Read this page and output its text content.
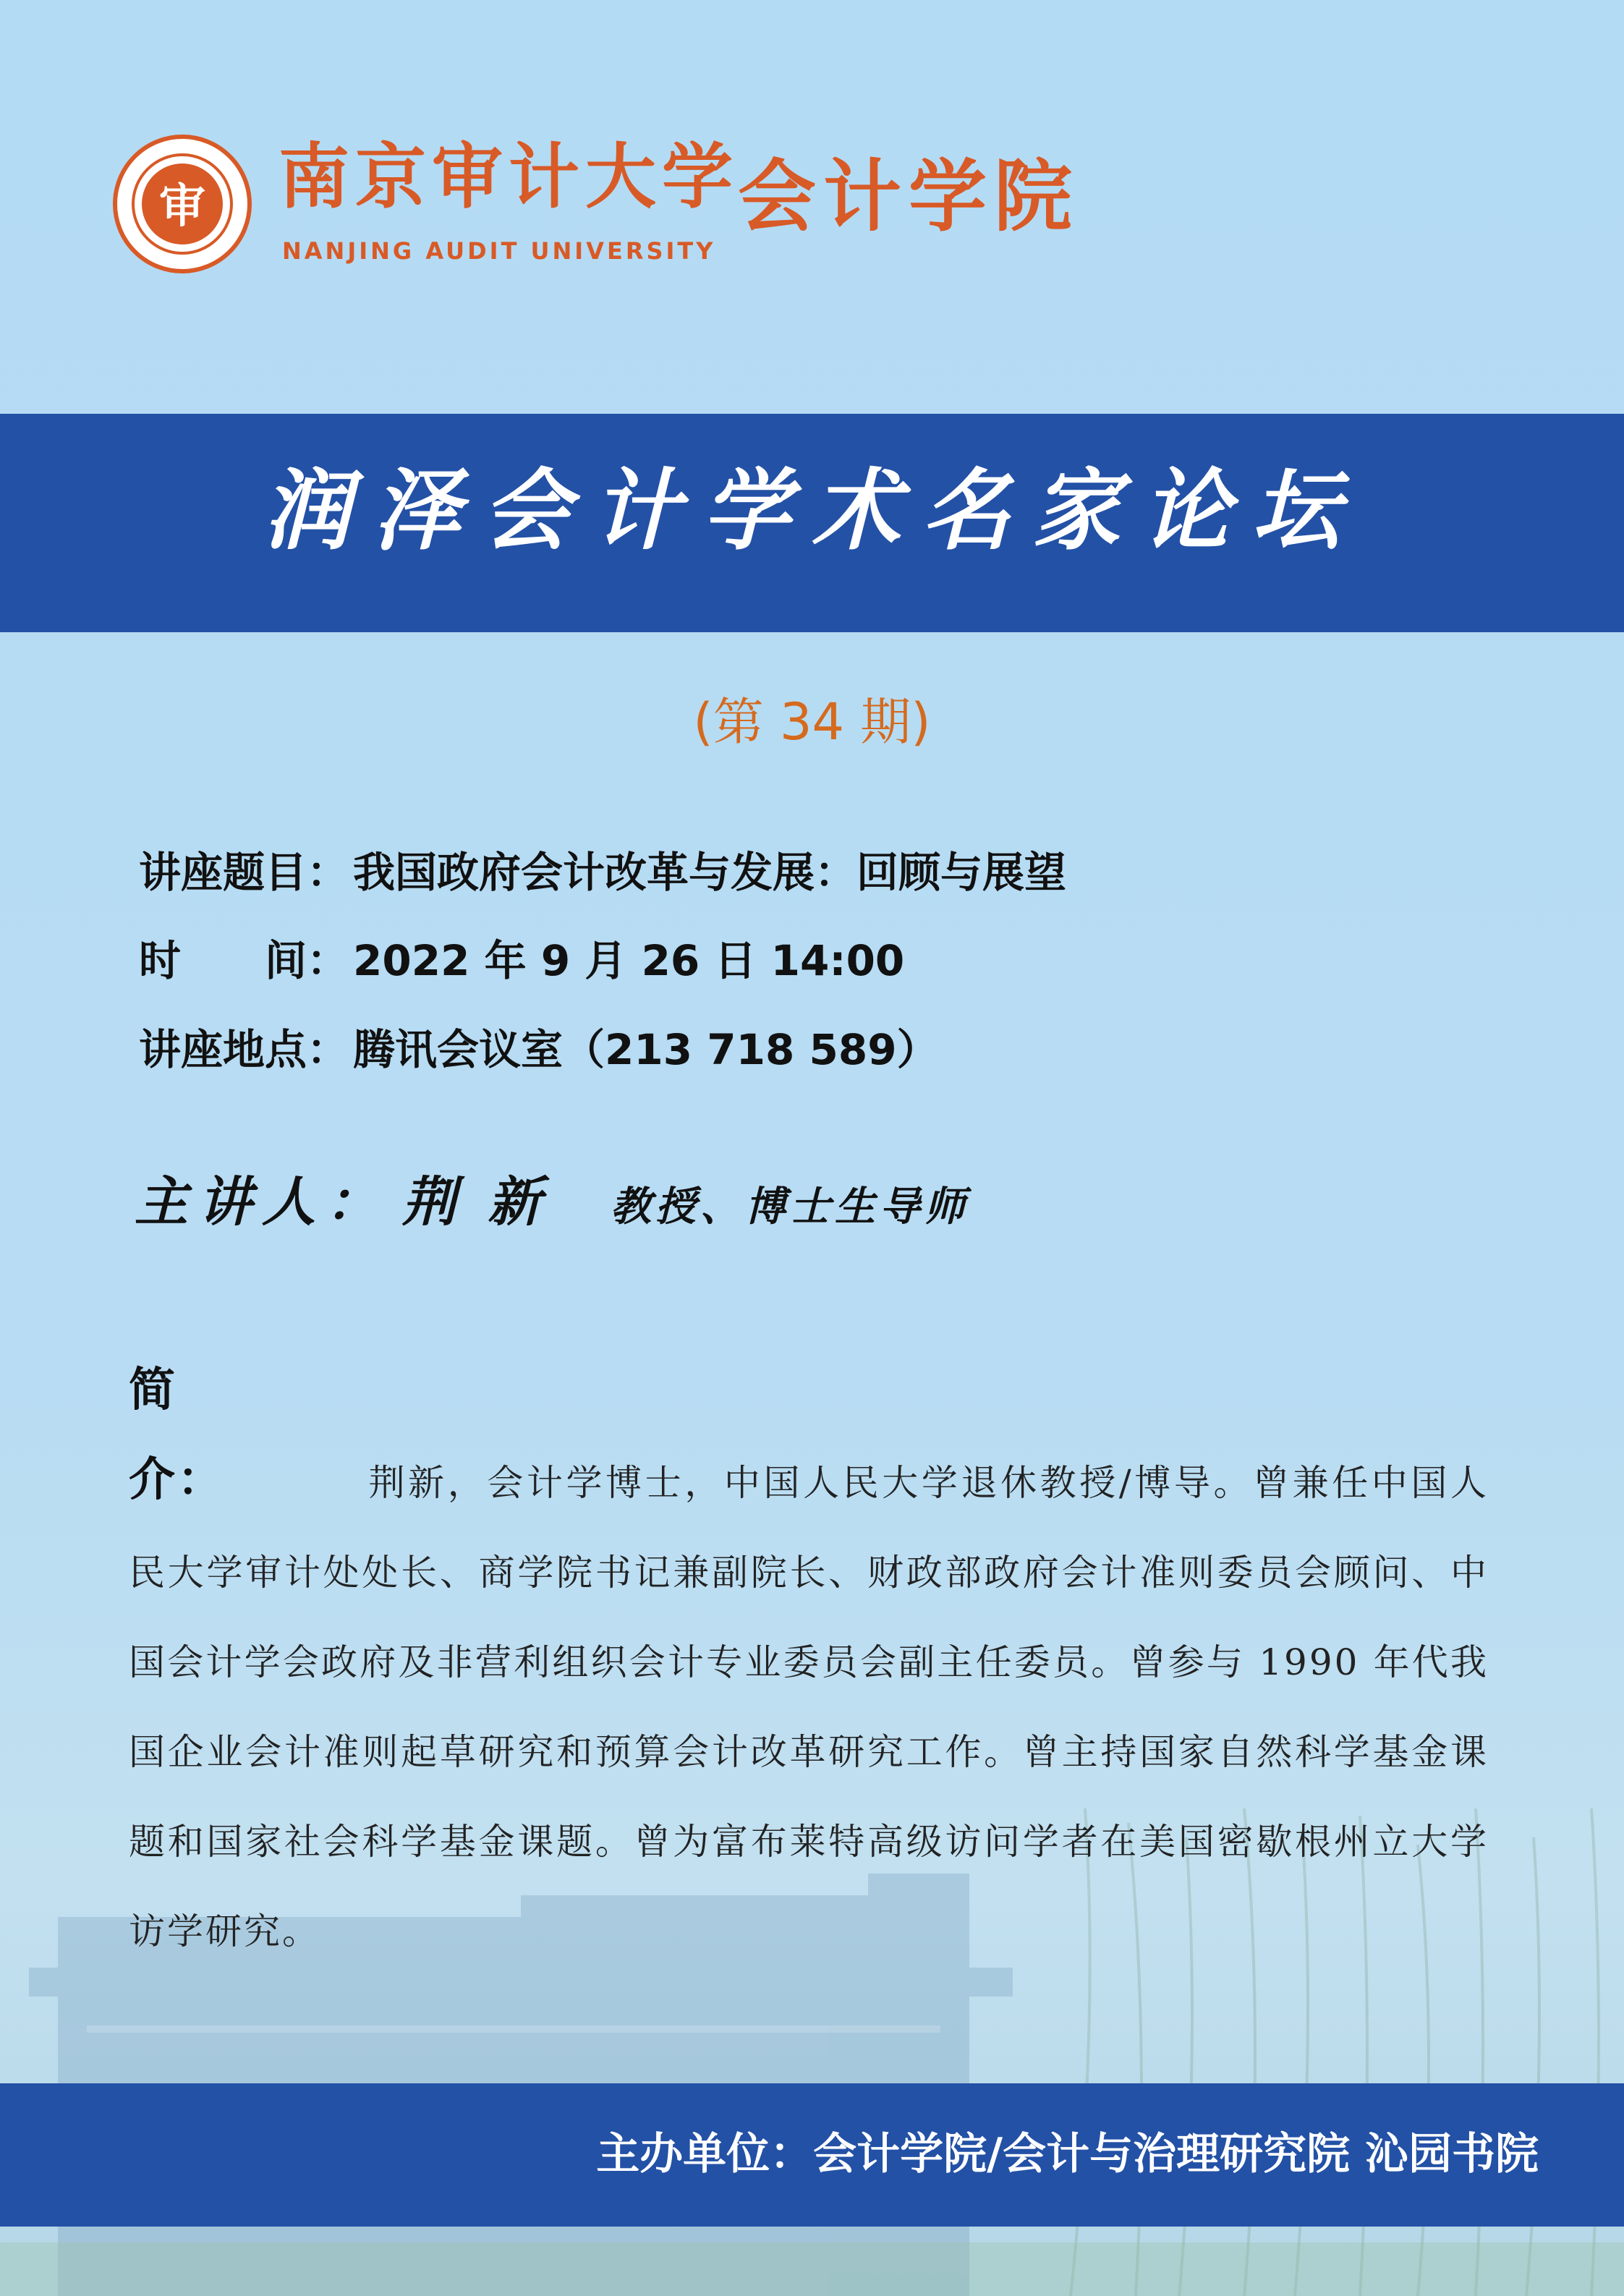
审 南京审计大学
NANJING AUDIT UNIVERSITY
会计学院
润泽会计学术名家论坛
(第 34 期)
讲座题目： 我国政府会计改革与发展：回顾与展望
时　　间： 2022 年 9 月 26 日 14:00
讲座地点： 腾讯会议室（213 718 589）
主讲人： 荆新 教授、博士生导师
简介：	荆新，会计学博士，中国人民大学退休教授/博导。曾兼任中国人民大学审计处处长、商学院书记兼副院长、财政部政府会计准则委员会顾问、中国会计学会政府及非营利组织会计专业委员会副主任委员。曾参与 1990 年代我国企业会计准则起草研究和预算会计改革研究工作。曾主持国家自然科学基金课题和国家社会科学基金课题。曾为富布莱特高级访问学者在美国密歇根州立大学访学研究。
主办单位：会计学院/会计与治理研究院 沁园书院
